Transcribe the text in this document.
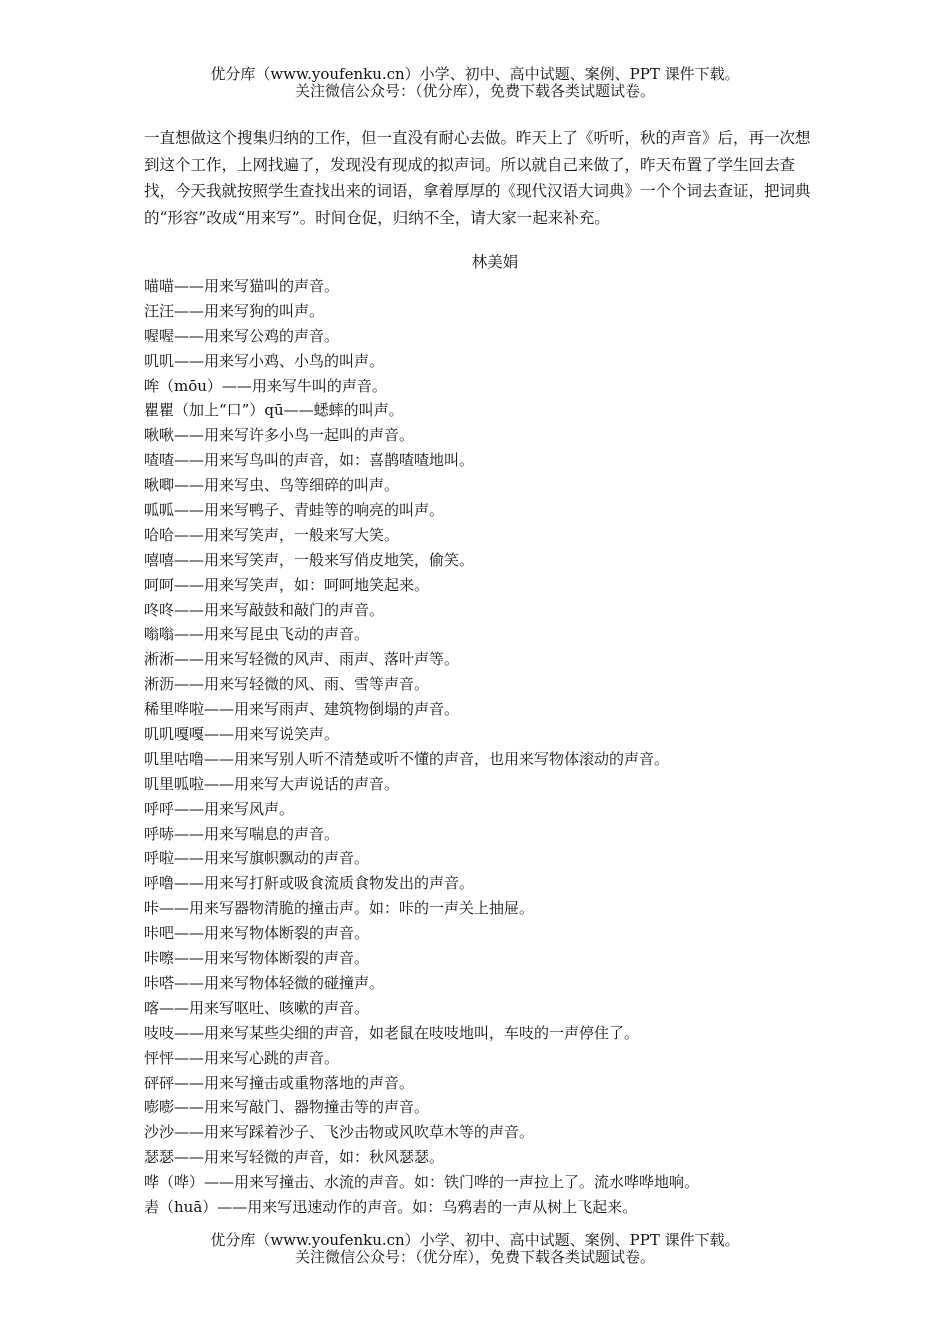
优分库（www.youfenku.cn）小学、初中、高中试题、案例、PPT 课件下载。
关注微信公众号：（优分库），免费下载各类试题试卷。

一直想做这个搜集归纳的工作，但一直没有耐心去做。昨天上了《听听，秋的声音》后，再一次想到这个工作，上网找遍了，发现没有现成的拟声词。所以就自己来做了，昨天布置了学生回去查找，今天我就按照学生查找出来的词语，拿着厚厚的《现代汉语大词典》一个个词去查证，把词典的“形容”改成“用来写”。时间仓促，归纳不全，请大家一起来补充。

林美娟
喵喵——用来写猫叫的声音。
汪汪——用来写狗的叫声。
喔喔——用来写公鸡的声音。
叽叽——用来写小鸡、小鸟的叫声。
哞（mōu）——用来写牛叫的声音。
瞿瞿（加上“口”）qū——蟋蟀的叫声。
啾啾——用来写许多小鸟一起叫的声音。
喳喳——用来写鸟叫的声音，如：喜鹊喳喳地叫。
啾唧——用来写虫、鸟等细碎的叫声。
呱呱——用来写鸭子、青蛙等的响亮的叫声。
哈哈——用来写笑声，一般来写大笑。
嘻嘻——用来写笑声，一般来写俏皮地笑，偷笑。
呵呵——用来写笑声，如：呵呵地笑起来。
咚咚——用来写敲鼓和敲门的声音。
嗡嗡——用来写昆虫飞动的声音。
淅淅——用来写轻微的风声、雨声、落叶声等。
淅沥——用来写轻微的风、雨、雪等声音。
稀里哗啦——用来写雨声、建筑物倒塌的声音。
叽叽嘎嘎——用来写说笑声。
叽里咕噜——用来写别人听不清楚或听不懂的声音，也用来写物体滚动的声音。
叽里呱啦——用来写大声说话的声音。
呼呼——用来写风声。
呼哧——用来写喘息的声音。
呼啦——用来写旗帜飘动的声音。
呼噜——用来写打鼾或吸食流质食物发出的声音。
咔——用来写器物清脆的撞击声。如：咔的一声关上抽屉。
咔吧——用来写物体断裂的声音。
咔嚓——用来写物体断裂的声音。
咔嗒——用来写物体轻微的碰撞声。
喀——用来写呕吐、咳嗽的声音。
吱吱——用来写某些尖细的声音，如老鼠在吱吱地叫，车吱的一声停住了。
怦怦——用来写心跳的声音。
砰砰——用来写撞击或重物落地的声音。
嘭嘭——用来写敲门、器物撞击等的声音。
沙沙——用来写踩着沙子、飞沙击物或风吹草木等的声音。
瑟瑟——用来写轻微的声音，如：秋风瑟瑟。
哗（哗）——用来写撞击、水流的声音。如：铁门哗的一声拉上了。流水哗哗地响。
砉（huā）——用来写迅速动作的声音。如：乌鸦砉的一声从树上飞起来。
优分库（www.youfenku.cn）小学、初中、高中试题、案例、PPT 课件下载。
关注微信公众号：（优分库），免费下载各类试题试卷。
